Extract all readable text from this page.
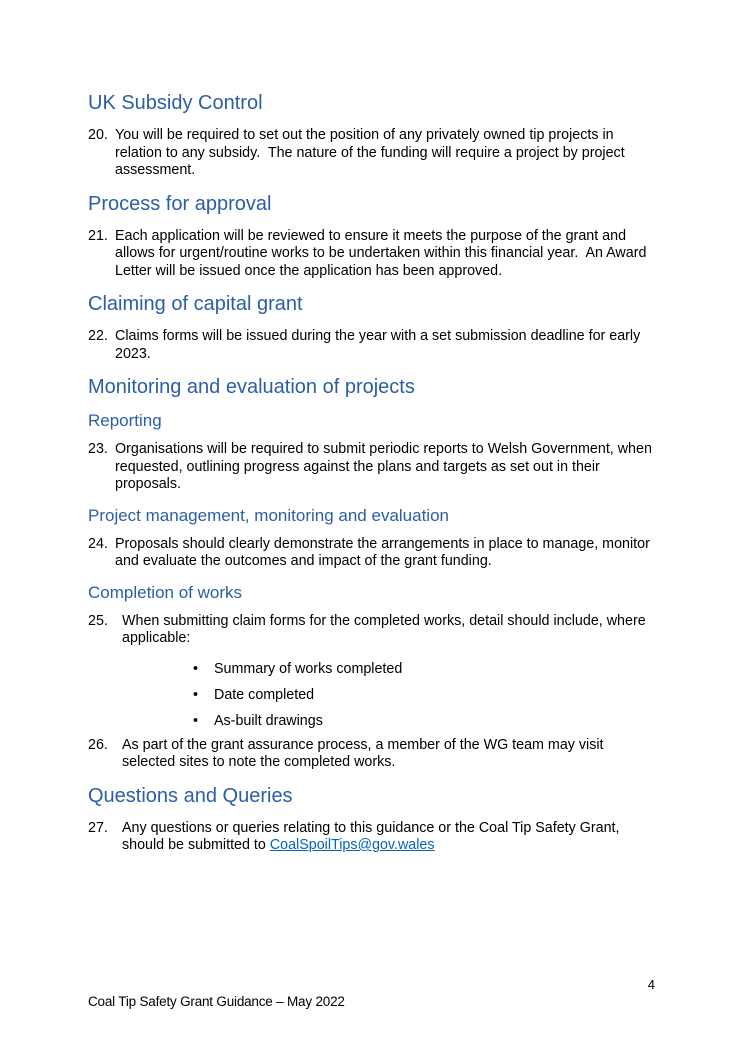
UK Subsidy Control
20. You will be required to set out the position of any privately owned tip projects in relation to any subsidy.  The nature of the funding will require a project by project assessment.
Process for approval
21. Each application will be reviewed to ensure it meets the purpose of the grant and allows for urgent/routine works to be undertaken within this financial year.  An Award Letter will be issued once the application has been approved.
Claiming of capital grant
22. Claims forms will be issued during the year with a set submission deadline for early 2023.
Monitoring and evaluation of projects
Reporting
23. Organisations will be required to submit periodic reports to Welsh Government, when requested, outlining progress against the plans and targets as set out in their proposals.
Project management, monitoring and evaluation
24. Proposals should clearly demonstrate the arrangements in place to manage, monitor and evaluate the outcomes and impact of the grant funding.
Completion of works
25. When submitting claim forms for the completed works, detail should include, where applicable:
•	Summary of works completed
•	Date completed
•	As-built drawings
26. As part of the grant assurance process, a member of the WG team may visit selected sites to note the completed works.
Questions and Queries
27. Any questions or queries relating to this guidance or the Coal Tip Safety Grant, should be submitted to CoalSpoilTips@gov.wales
4
Coal Tip Safety Grant Guidance – May 2022
